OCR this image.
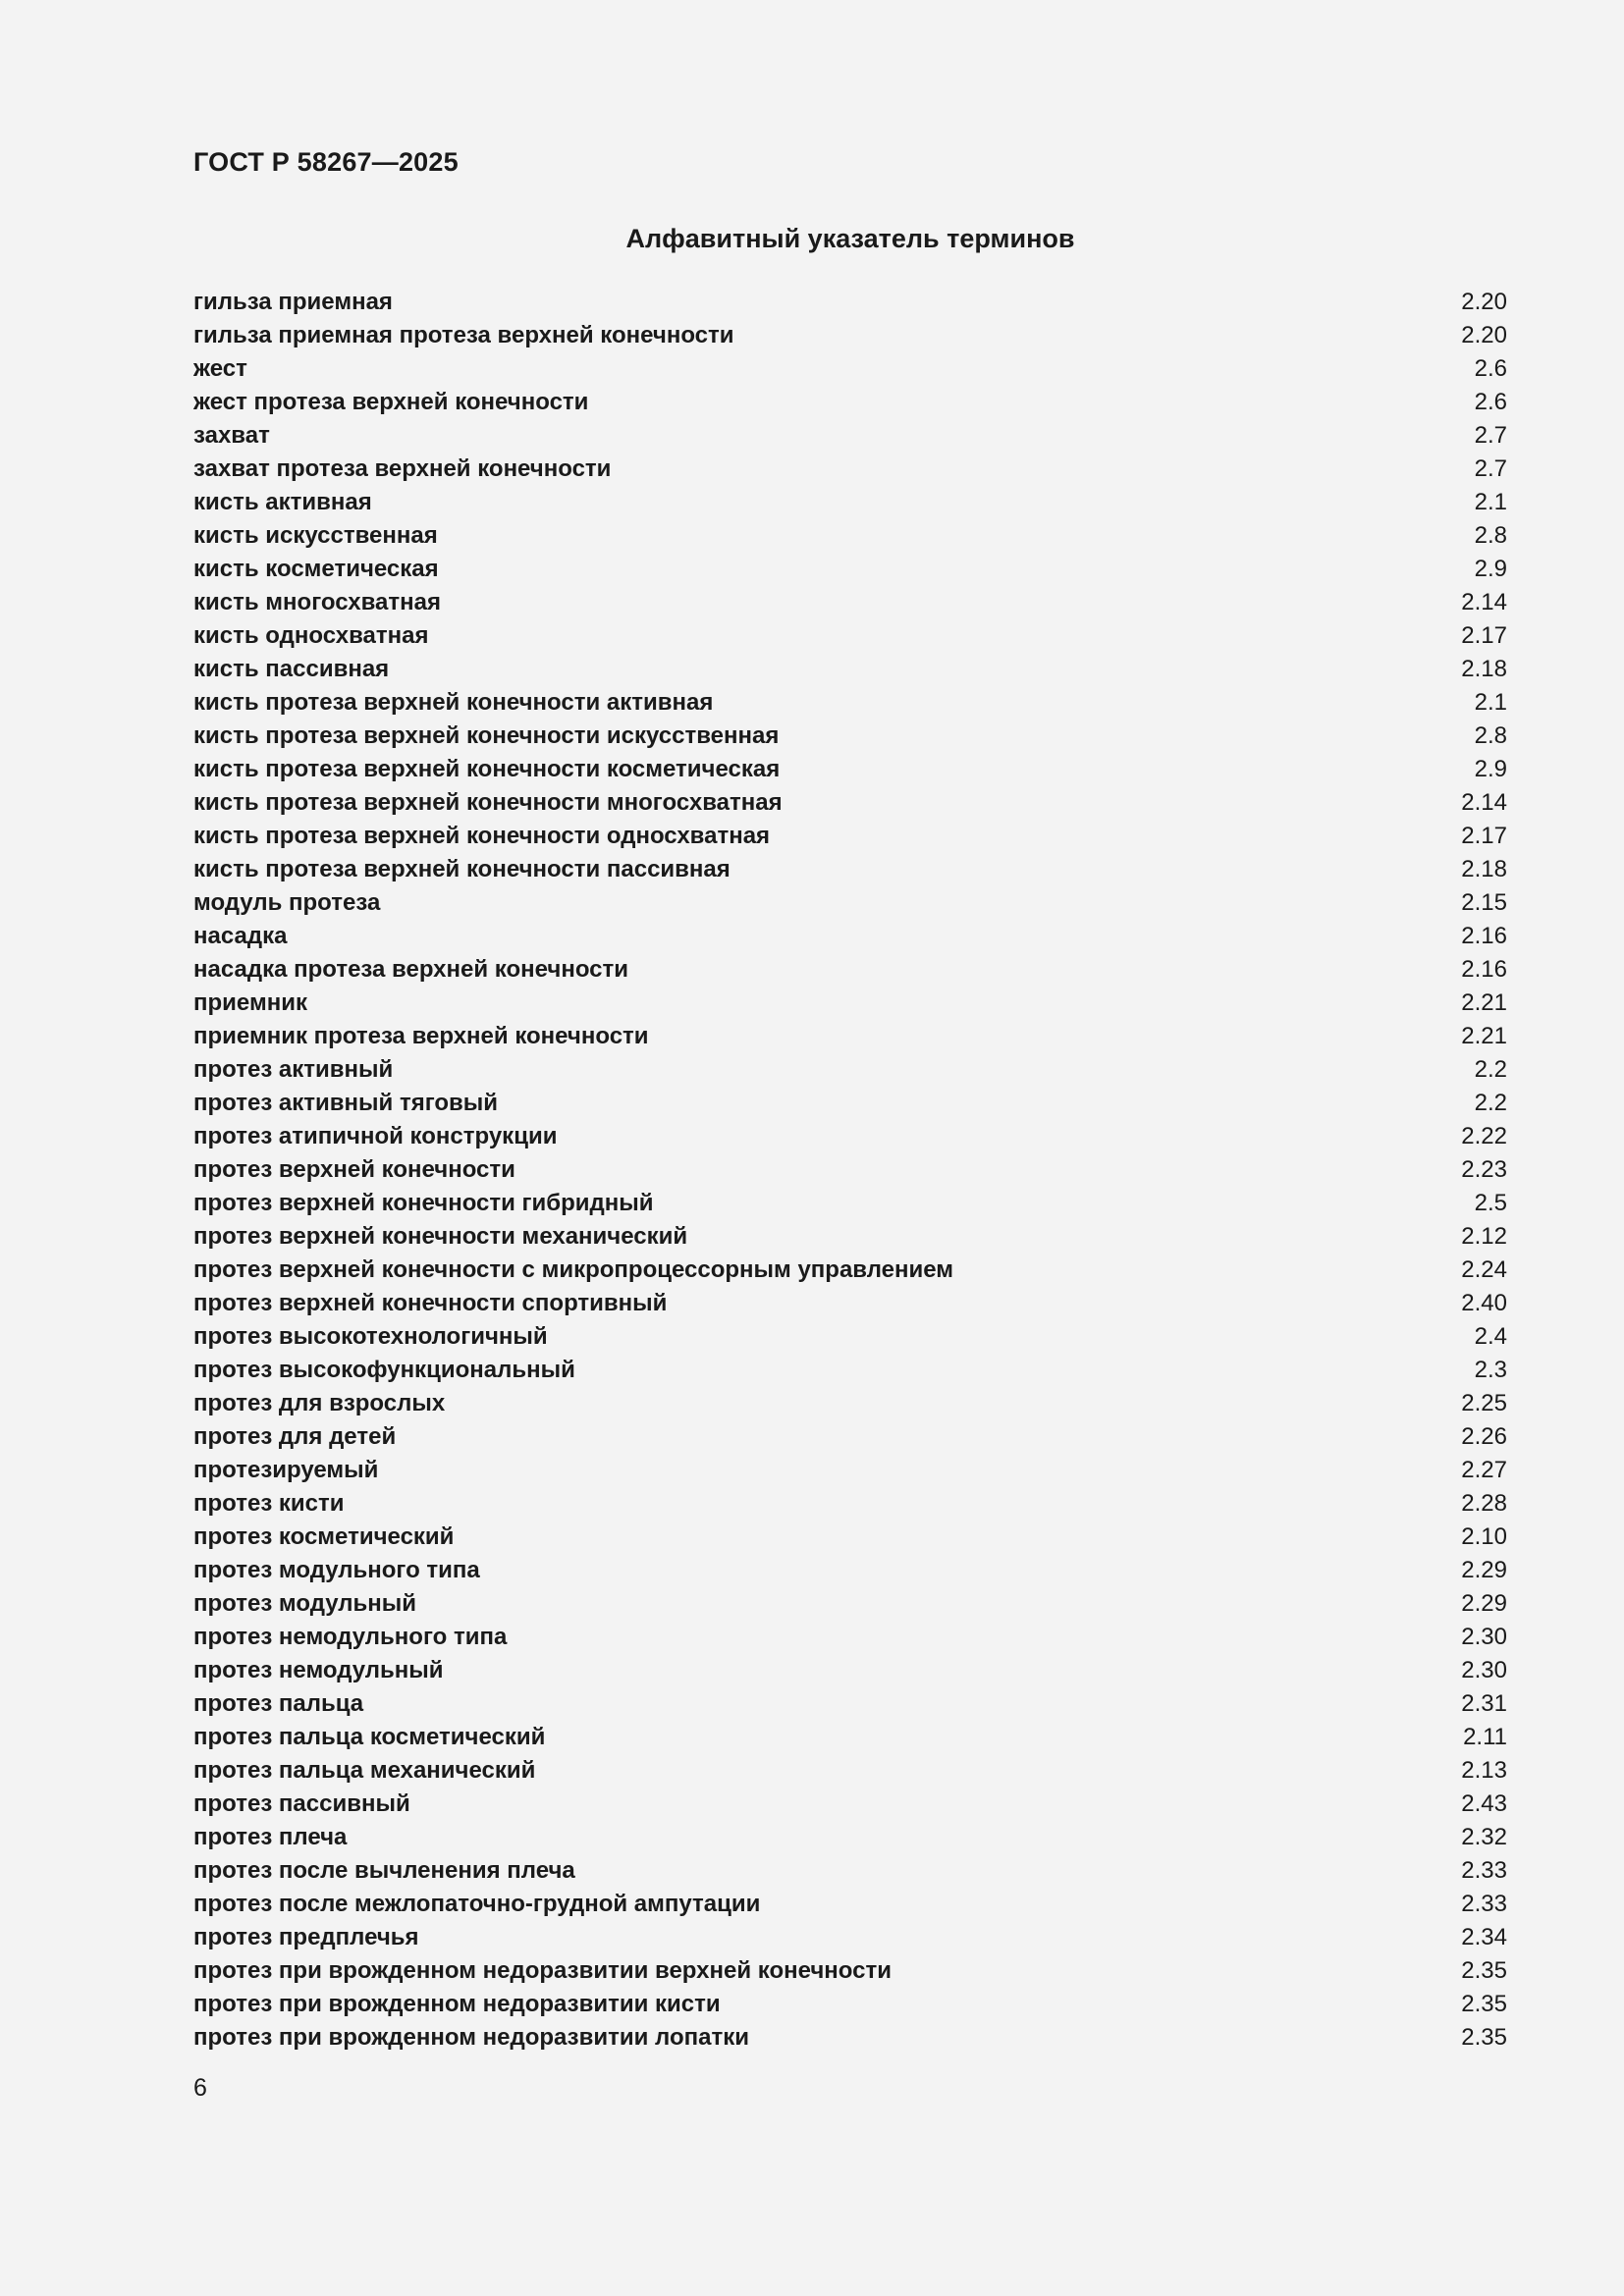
ГОСТ Р 58267—2025
Алфавитный указатель терминов
гильза приемная	2.20
гильза приемная протеза верхней конечности	2.20
жест	2.6
жест протеза верхней конечности	2.6
захват	2.7
захват протеза верхней конечности	2.7
кисть активная	2.1
кисть искусственная	2.8
кисть косметическая	2.9
кисть многосхватная	2.14
кисть односхватная	2.17
кисть пассивная	2.18
кисть протеза верхней конечности активная	2.1
кисть протеза верхней конечности искусственная	2.8
кисть протеза верхней конечности косметическая	2.9
кисть протеза верхней конечности многосхватная	2.14
кисть протеза верхней конечности односхватная	2.17
кисть протеза верхней конечности пассивная	2.18
модуль протеза	2.15
насадка	2.16
насадка протеза верхней конечности	2.16
приемник	2.21
приемник протеза верхней конечности	2.21
протез активный	2.2
протез активный тяговый	2.2
протез атипичной конструкции	2.22
протез верхней конечности	2.23
протез верхней конечности гибридный	2.5
протез верхней конечности механический	2.12
протез верхней конечности с микропроцессорным управлением	2.24
протез верхней конечности спортивный	2.40
протез высокотехнологичный	2.4
протез высокофункциональный	2.3
протез для взрослых	2.25
протез для детей	2.26
протезируемый	2.27
протез кисти	2.28
протез косметический	2.10
протез модульного типа	2.29
протез модульный	2.29
протез немодульного типа	2.30
протез немодульный	2.30
протез пальца	2.31
протез пальца косметический	2.11
протез пальца механический	2.13
протез пассивный	2.43
протез плеча	2.32
протез после вычленения плеча	2.33
протез после межлопаточно-грудной ампутации	2.33
протез предплечья	2.34
протез при врожденном недоразвитии верхней конечности	2.35
протез при врожденном недоразвитии кисти	2.35
протез при врожденном недоразвитии лопатки	2.35
6
